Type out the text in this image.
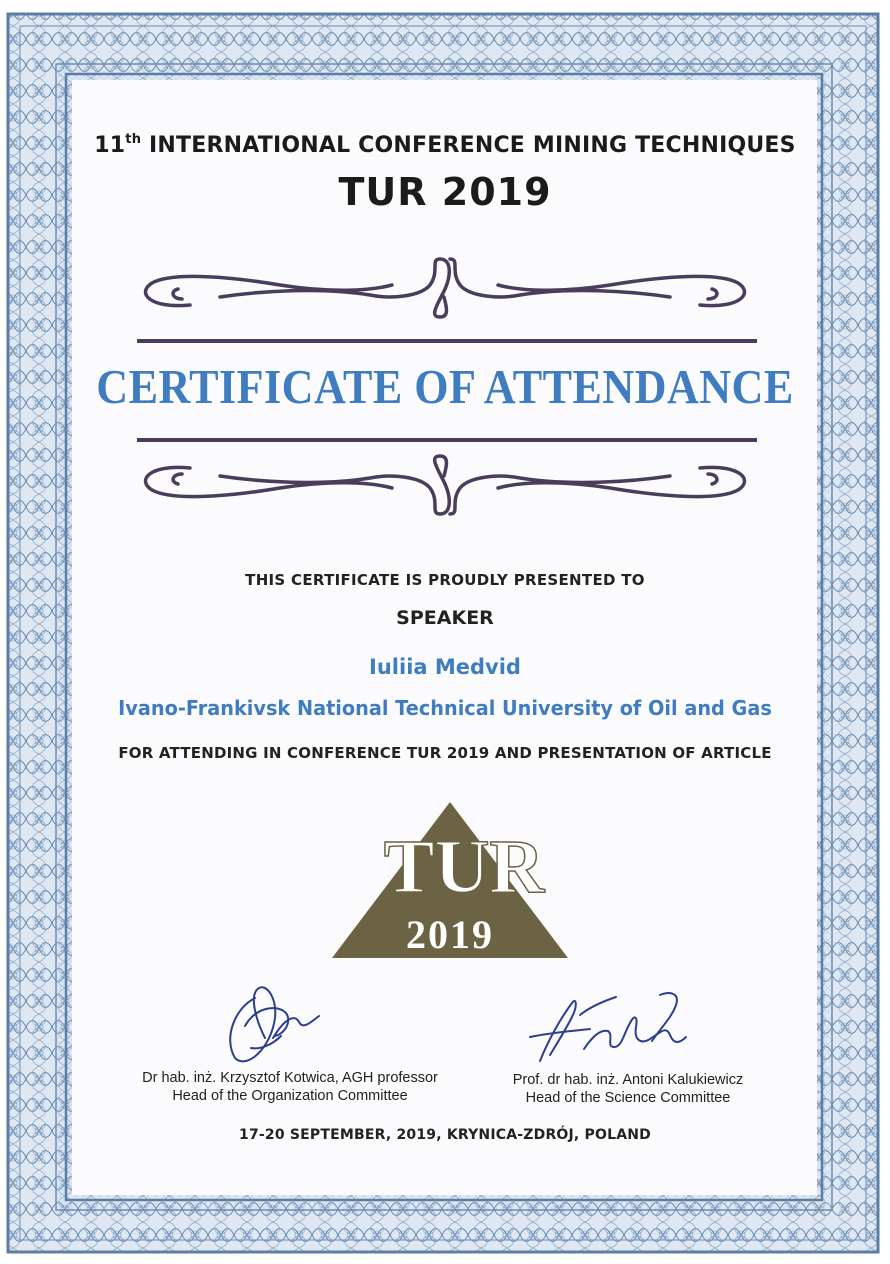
11th INTERNATIONAL CONFERENCE MINING TECHNIQUES
TUR 2019
CERTIFICATE OF ATTENDANCE
THIS CERTIFICATE IS PROUDLY PRESENTED TO
SPEAKER
Iuliia Medvid
Ivano-Frankivsk National Technical University of Oil and Gas
FOR ATTENDING IN CONFERENCE TUR 2019 AND PRESENTATION OF ARTICLE
TUR
2019
Dr hab. inż. Krzysztof Kotwica, AGH professor
Head of the Organization Committee
Prof. dr hab. inż. Antoni Kalukiewicz
Head of the Science Committee
17-20 SEPTEMBER, 2019, KRYNICA-ZDRÓJ, POLAND
